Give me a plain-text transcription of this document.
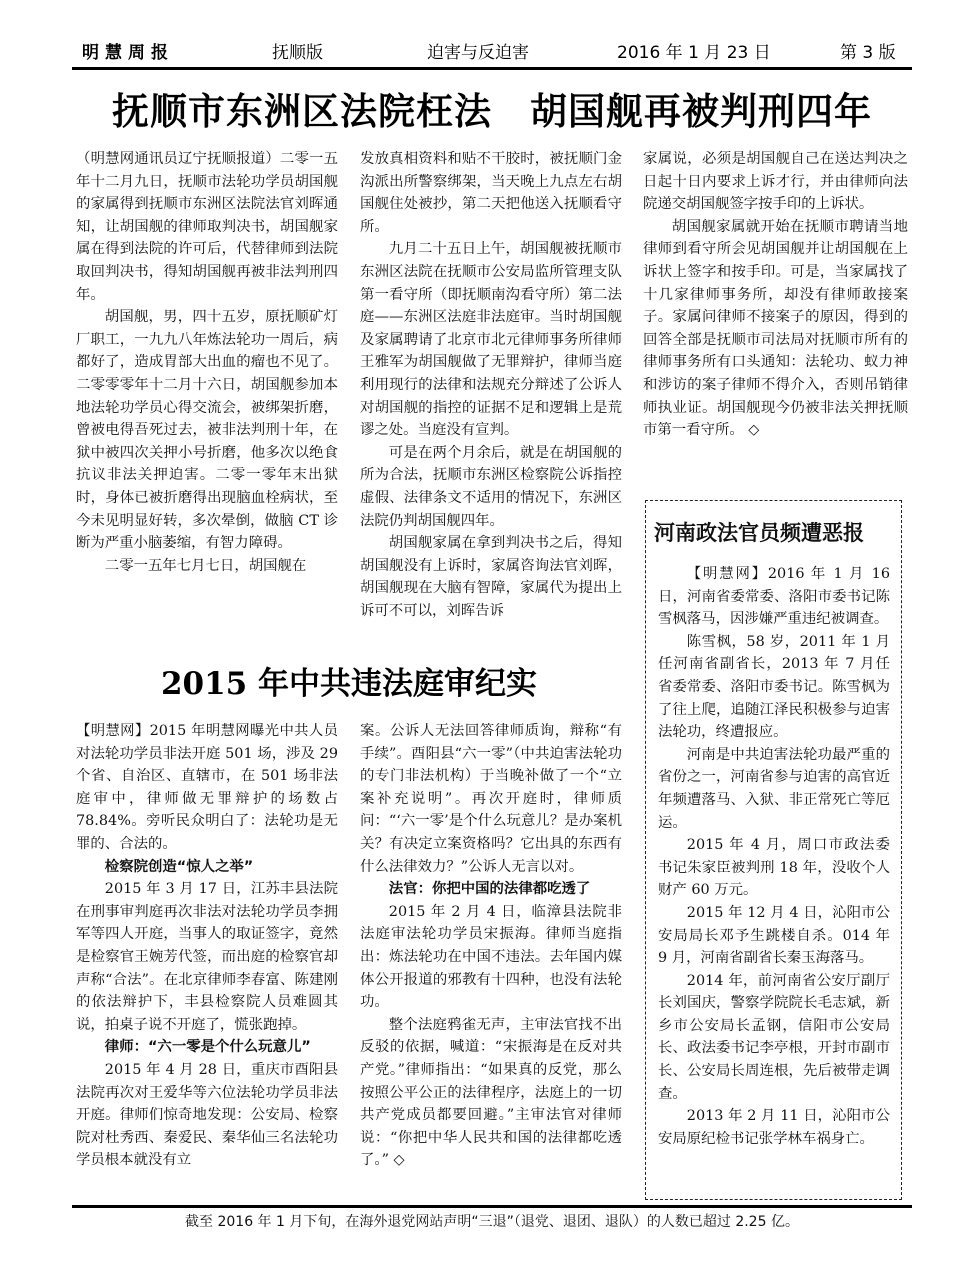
明慧周报	抚顺版	迫害与反迫害	2016 年 1 月 23 日	第 3 版
抚顺市东洲区法院枉法　胡国舰再被判刑四年

（明慧网通讯员辽宁抚顺报道）二零一五年十二月九日，抚顺市法轮功学员胡国舰的家属得到抚顺市东洲区法院法官刘晖通知，让胡国舰的律师取判决书，胡国舰家属在得到法院的许可后，代替律师到法院取回判决书，得知胡国舰再被非法判刑四年。

胡国舰，男，四十五岁，原抚顺矿灯厂职工，一九九八年炼法轮功一周后，病都好了，造成胃部大出血的瘤也不见了。二零零零年十二月十六日，胡国舰参加本地法轮功学员心得交流会，被绑架折磨，曾被电得吾死过去，被非法判刑十年，在狱中被四次关押小号折磨，他多次以绝食抗议非法关押迫害。二零一零年末出狱时，身体已被折磨得出现脑血栓病状，至今未见明显好转，多次晕倒，做脑 CT 诊断为严重小脑萎缩，有智力障碍。

二零一五年七月七日，胡国舰在

发放真相资料和贴不干胶时，被抚顺门金沟派出所警察绑架，当天晚上九点左右胡国舰住处被抄，第二天把他送入抚顺看守所。

九月二十五日上午，胡国舰被抚顺市东洲区法院在抚顺市公安局监所管理支队第一看守所（即抚顺南沟看守所）第二法庭——东洲区法庭非法庭审。当时胡国舰及家属聘请了北京市北元律师事务所律师王雅军为胡国舰做了无罪辩护，律师当庭利用现行的法律和法规充分辩述了公诉人对胡国舰的指控的证据不足和逻辑上是荒谬之处。当庭没有宣判。

可是在两个月余后，就是在胡国舰的所为合法，抚顺市东洲区检察院公诉指控虚假、法律条文不适用的情况下，东洲区法院仍判胡国舰四年。

胡国舰家属在拿到判决书之后，得知胡国舰没有上诉时，家属咨询法官刘晖，胡国舰现在大脑有智障，家属代为提出上诉可不可以，刘晖告诉

家属说，必须是胡国舰自己在送达判决之日起十日内要求上诉才行，并由律师向法院递交胡国舰签字按手印的上诉状。

胡国舰家属就开始在抚顺市聘请当地律师到看守所会见胡国舰并让胡国舰在上诉状上签字和按手印。可是，当家属找了十几家律师事务所，却没有律师敢接案子。家属问律师不接案子的原因，得到的回答全部是抚顺市司法局对抚顺市所有的律师事务所有口头通知：法轮功、蚁力神和涉访的案子律师不得介入，否则吊销律师执业证。胡国舰现今仍被非法关押抚顺市第一看守所。 ◇

2015 年中共违法庭审纪实

【明慧网】2015 年明慧网曝光中共人员对法轮功学员非法开庭 501 场，涉及 29 个省、自治区、直辖市，在 501 场非法庭审中，律师做无罪辩护的场数占 78.84%。旁听民众明白了：法轮功是无罪的、合法的。

检察院创造“惊人之举”

2015 年 3 月 17 日，江苏丰县法院在刑事审判庭再次非法对法轮功学员李拥军等四人开庭，当事人的取证签字，竟然是检察官王婉芳代签，而出庭的检察官却声称“合法”。在北京律师李春富、陈建刚的依法辩护下，丰县检察院人员难圆其说，拍桌子说不开庭了，慌张跑掉。

律师：“六一零是个什么玩意儿”

2015 年 4 月 28 日，重庆市酉阳县法院再次对王爱华等六位法轮功学员非法开庭。律师们惊奇地发现：公安局、检察院对杜秀西、秦爱民、秦华仙三名法轮功学员根本就没有立

案。公诉人无法回答律师质询，辩称“有手续”。酉阳县“六一零”（中共迫害法轮功的专门非法机构）于当晚补做了一个“立案补充说明”。再次开庭时，律师质问：“‘六一零’是个什么玩意儿？是办案机关？有决定立案资格吗？它出具的东西有什么法律效力？”公诉人无言以对。

法官：你把中国的法律都吃透了

2015 年 2 月 4 日，临漳县法院非法庭审法轮功学员宋振海。律师当庭指出：炼法轮功在中国不违法。去年国内媒体公开报道的邪教有十四种，也没有法轮功。

整个法庭鸦雀无声，主审法官找不出反驳的依据，喊道：“宋振海是在反对共产党。”律师指出：“如果真的反党，那么按照公平公正的法律程序，法庭上的一切共产党成员都要回避。”主审法官对律师说：“你把中华人民共和国的法律都吃透了。” ◇

河南政法官员频遭恶报

【明慧网】2016 年 1 月 16 日，河南省委常委、洛阳市委书记陈雪枫落马，因涉嫌严重违纪被调查。

陈雪枫，58 岁，2011 年 1 月任河南省副省长，2013 年 7 月任省委常委、洛阳市委书记。陈雪枫为了往上爬，追随江泽民积极参与迫害法轮功，终遭报应。

河南是中共迫害法轮功最严重的省份之一，河南省参与迫害的高官近年频遭落马、入狱、非正常死亡等厄运。

2015 年 4 月，周口市政法委书记朱家臣被判刑 18 年，没收个人财产 60 万元。

2015 年 12 月 4 日，沁阳市公安局局长邓予生跳楼自杀。014 年 9 月，河南省副省长秦玉海落马。

2014 年，前河南省公安厅副厅长刘国庆，警察学院院长毛志斌，新乡市公安局长孟钢，信阳市公安局长、政法委书记李亭根，开封市副市长、公安局长周连根，先后被带走调查。

2013 年 2 月 11 日，沁阳市公安局原纪检书记张学林车祸身亡。

截至 2016 年 1 月下旬，在海外退党网站声明“三退”（退党、退团、退队）的人数已超过 2.25 亿。
